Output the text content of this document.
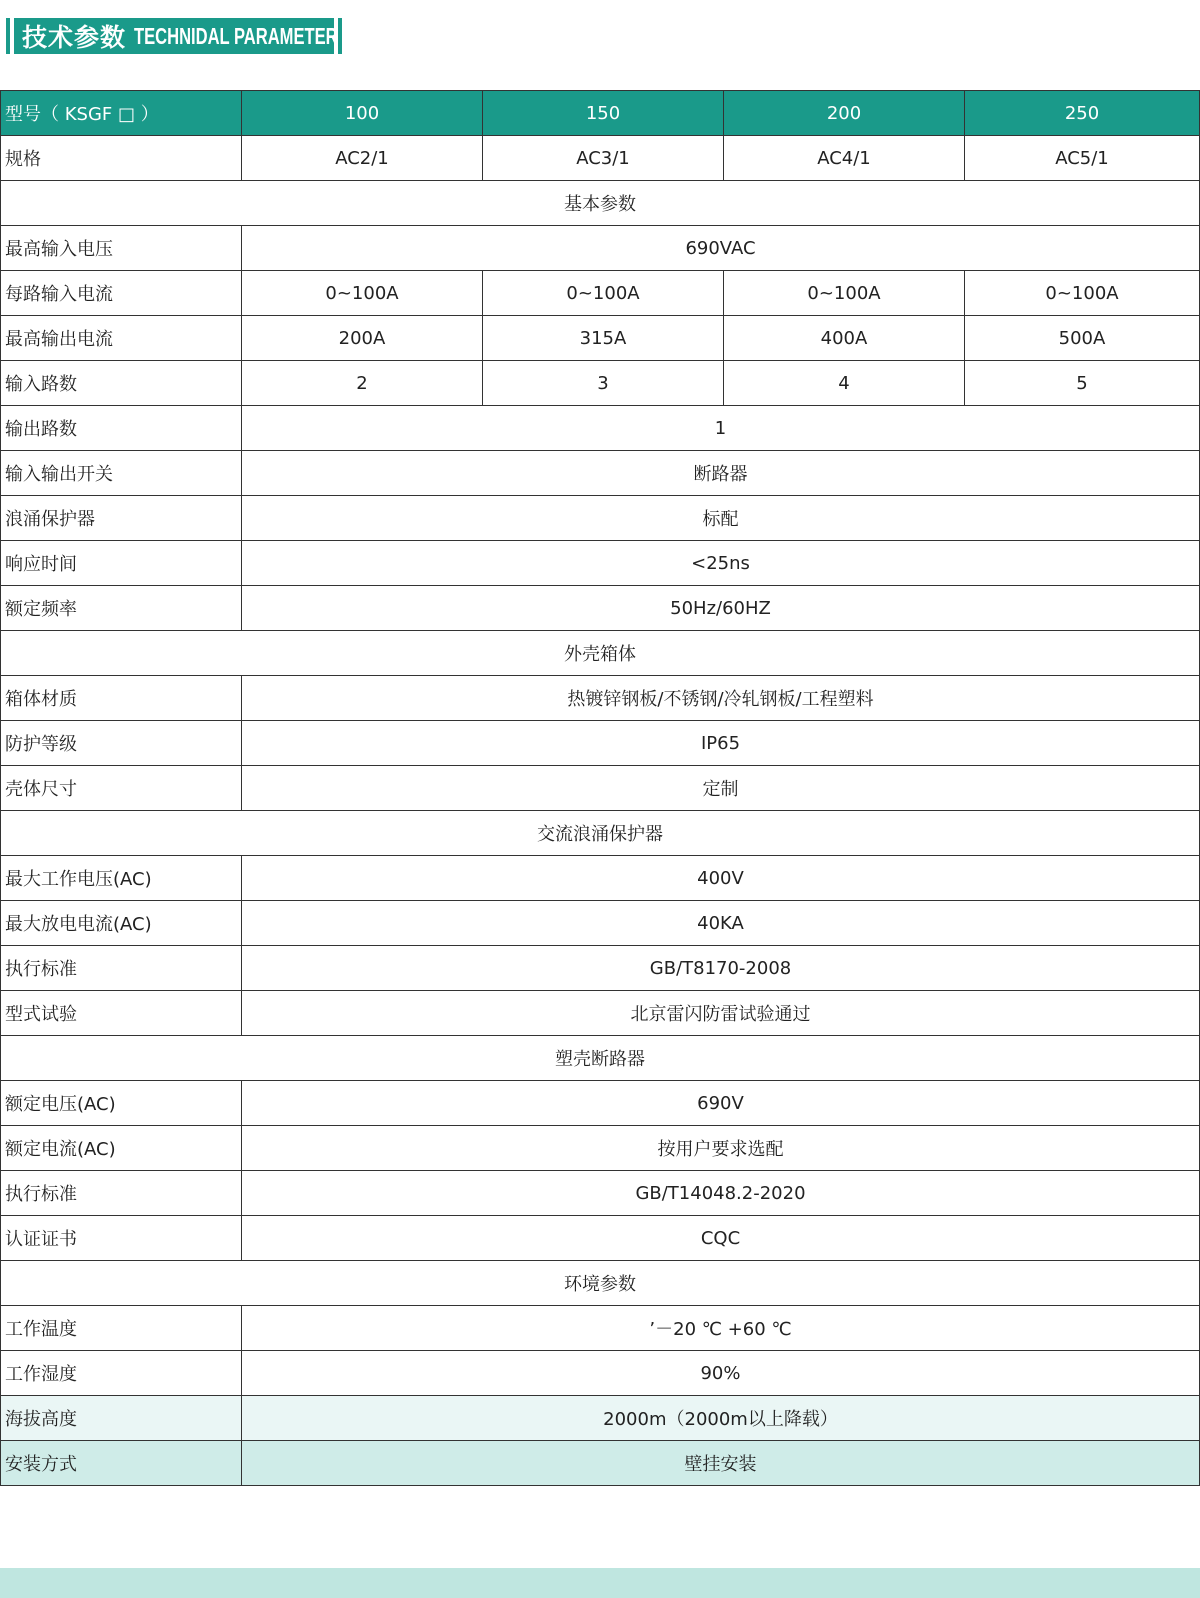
技术参数 TECHNIDAL PARAMETER
型号（ KSGF □ ）	100	150	200	250
规格	AC2/1	AC3/1	AC4/1	AC5/1
基本参数				
最高输入电压	690VAC			
每路输入电流	0~100A	0~100A	0~100A	0~100A
最高输出电流	200A	315A	400A	500A
输入路数	2	3	4	5
输出路数	1			
输入输出开关	断路器			
浪涌保护器	标配			
响应时间	<25ns			
额定频率	50Hz/60HZ			
外壳箱体				
箱体材质	热镀锌钢板/不锈钢/冷轧钢板/工程塑料			
防护等级	IP65			
壳体尺寸	定制			
交流浪涌保护器				
最大工作电压(AC)	400V			
最大放电电流(AC)	40KA			
执行标准	GB/T8170-2008			
型式试验	北京雷闪防雷试验通过			
塑壳断路器				
额定电压(AC)	690V			
额定电流(AC)	按用户要求选配			
执行标准	GB/T14048.2-2020			
认证证书	CQC			
环境参数				
工作温度	’－20 ℃ +60 ℃			
工作湿度	90%			
海拔高度	2000m（2000m以上降载）			
安装方式	壁挂安装			
